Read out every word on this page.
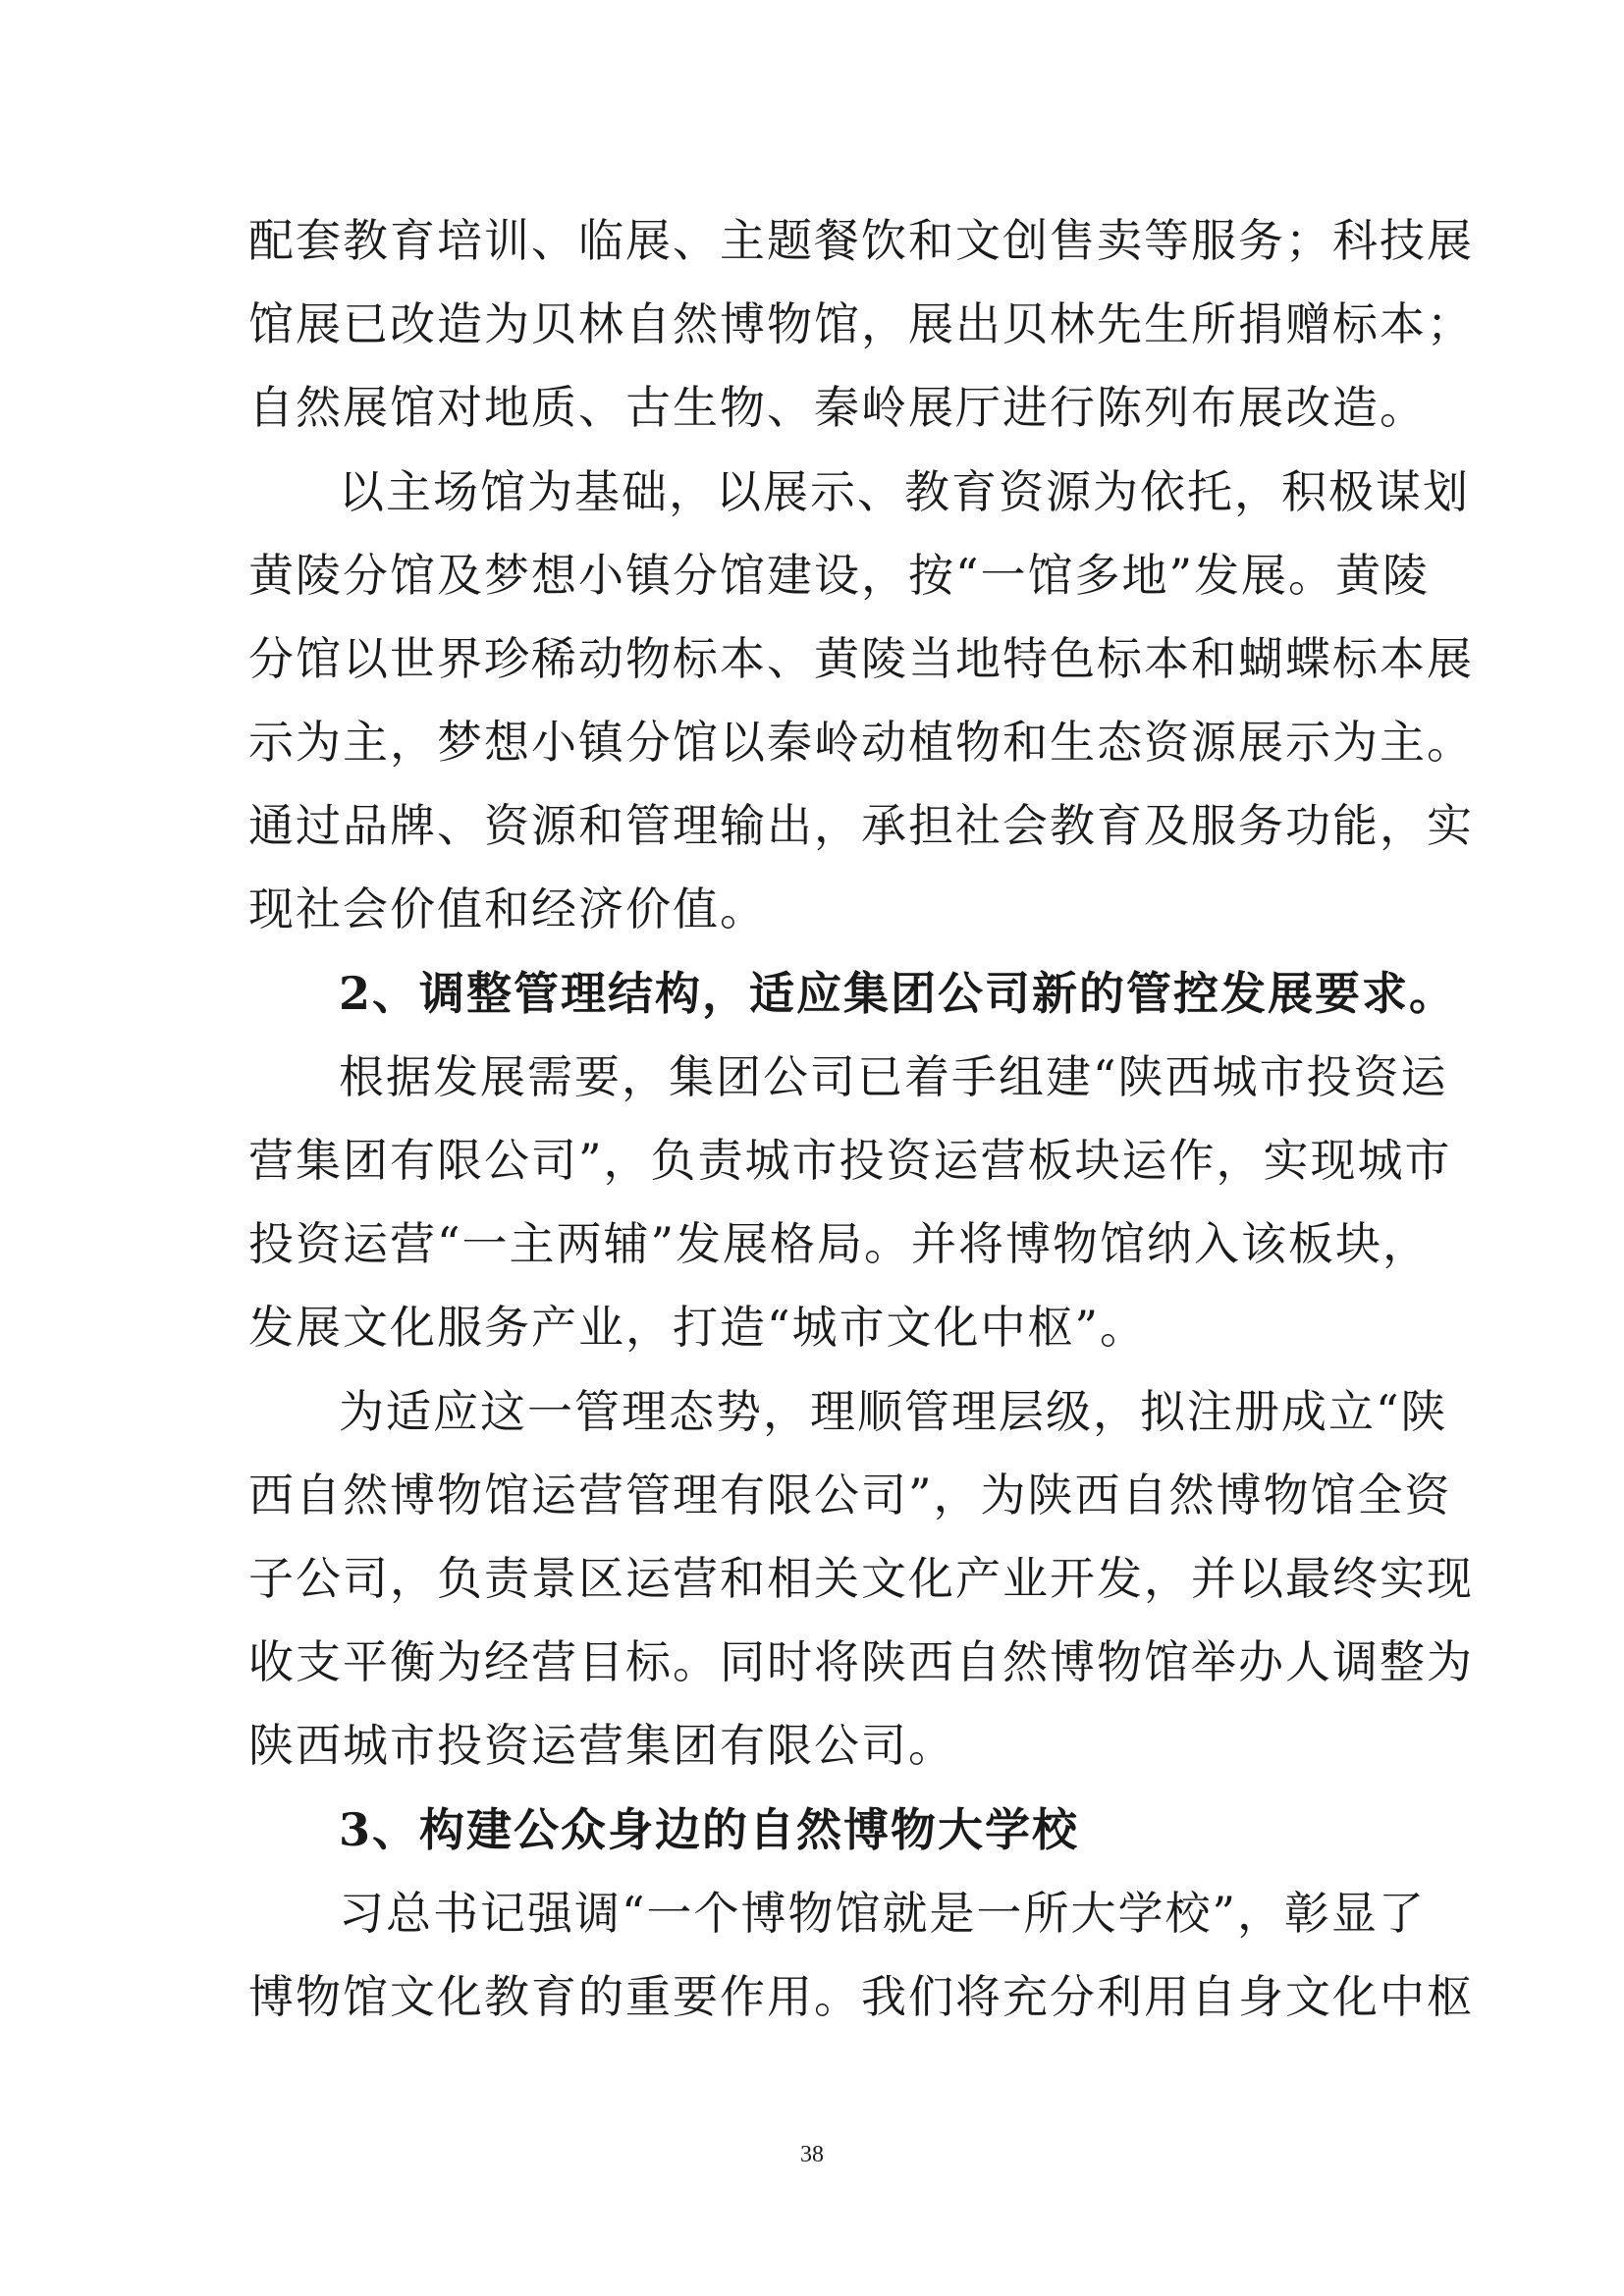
配套教育培训、临展、主题餐饮和文创售卖等服务；科技展
馆展已改造为贝林自然博物馆，展出贝林先生所捐赠标本；
自然展馆对地质、古生物、秦岭展厅进行陈列布展改造。
以主场馆为基础，以展示、教育资源为依托，积极谋划
黄陵分馆及梦想小镇分馆建设，按“一馆多地”发展。黄陵
分馆以世界珍稀动物标本、黄陵当地特色标本和蝴蝶标本展
示为主，梦想小镇分馆以秦岭动植物和生态资源展示为主。
通过品牌、资源和管理输出，承担社会教育及服务功能，实
现社会价值和经济价值。
2、调整管理结构，适应集团公司新的管控发展要求。
根据发展需要，集团公司已着手组建“陕西城市投资运
营集团有限公司”，负责城市投资运营板块运作，实现城市
投资运营“一主两辅”发展格局。并将博物馆纳入该板块，
发展文化服务产业，打造“城市文化中枢”。
为适应这一管理态势，理顺管理层级，拟注册成立“陕
西自然博物馆运营管理有限公司”，为陕西自然博物馆全资
子公司，负责景区运营和相关文化产业开发，并以最终实现
收支平衡为经营目标。同时将陕西自然博物馆举办人调整为
陕西城市投资运营集团有限公司。
3、构建公众身边的自然博物大学校
习总书记强调“一个博物馆就是一所大学校”，彰显了
博物馆文化教育的重要作用。我们将充分利用自身文化中枢
38
